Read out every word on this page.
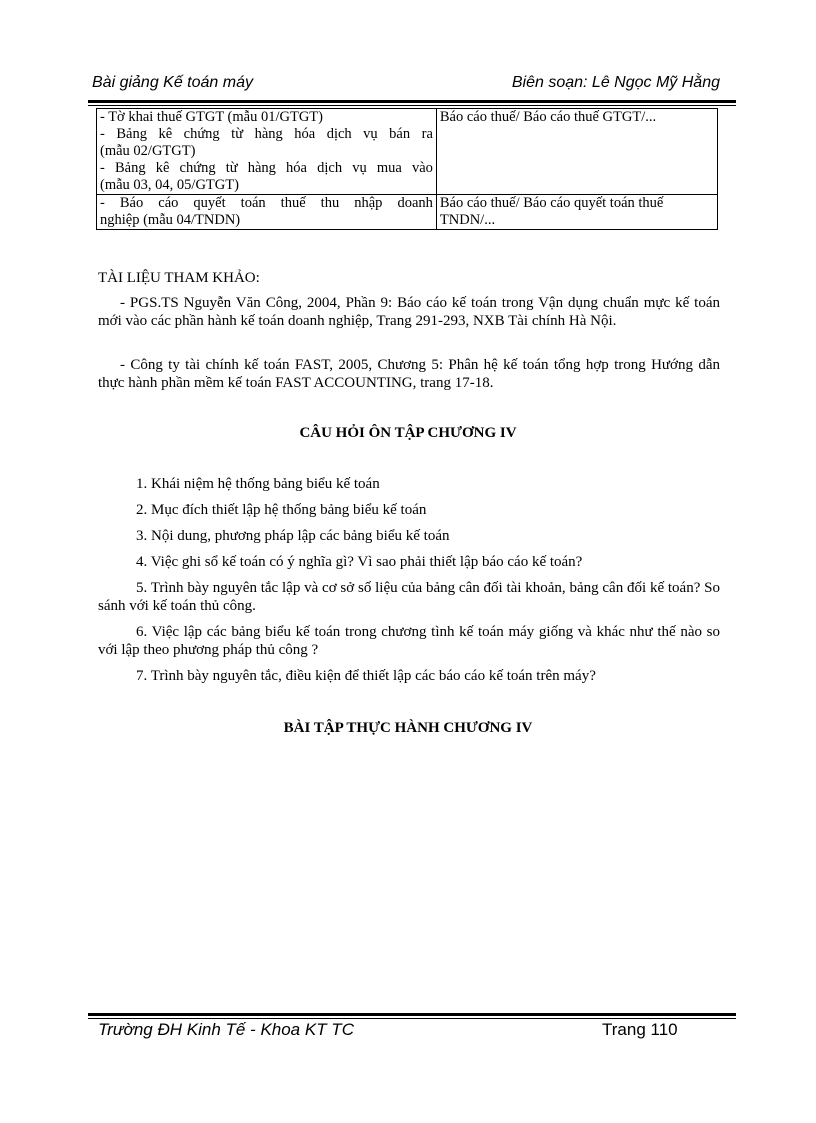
Bài giảng Kế toán máy	Biên soạn: Lê Ngọc Mỹ Hằng
- Tờ khai thuế GTGT (mẫu 01/GTGT)
- Bảng kê chứng từ hàng hóa dịch vụ bán ra
(mẫu 02/GTGT)
- Bảng kê chứng từ hàng hóa dịch vụ mua vào
(mẫu 03, 04, 05/GTGT)	Báo cáo thuế/ Báo cáo thuế GTGT/...

- Báo cáo quyết toán thuế thu nhập doanh
nghiệp (mẫu 04/TNDN)	Báo cáo thuế/ Báo cáo quyết toán thuế
TNDN/...
TÀI LIỆU THAM KHẢO:
- PGS.TS Nguyễn Văn Công, 2004, Phần 9: Báo cáo kế toán trong Vận dụng chuẩn mực kế toán mới vào các phần hành kế toán doanh nghiệp, Trang 291-293, NXB Tài chính Hà Nội.
- Công ty tài chính kế toán FAST, 2005, Chương 5: Phân hệ kế toán tổng hợp trong Hướng dẫn thực hành phần mềm kế toán FAST ACCOUNTING, trang 17-18.
CÂU HỎI ÔN TẬP CHƯƠNG IV

1. Khái niệm hệ thống bảng biểu kế toán

2. Mục đích thiết lập hệ thống bảng biểu kế toán

3. Nội dung, phương pháp lập các bảng biểu kế toán

4. Việc ghi sổ kế toán có ý nghĩa gì? Vì sao phải thiết lập báo cáo kế toán?

5. Trình bày nguyên tắc lập và cơ sở số liệu của bảng cân đối tài khoản, bảng cân đối kế toán? So sánh với kế toán thủ công.

6. Việc lập các bảng biểu kế toán trong chương tình kế toán máy giống và khác như thế nào so với lập theo phương pháp thủ công ?

7. Trình bày nguyên tắc, điều kiện để thiết lập các báo cáo kế toán trên máy?

BÀI TẬP THỰC HÀNH CHƯƠNG IV
Trường ĐH Kinh Tế - Khoa KT TC	Trang 110
